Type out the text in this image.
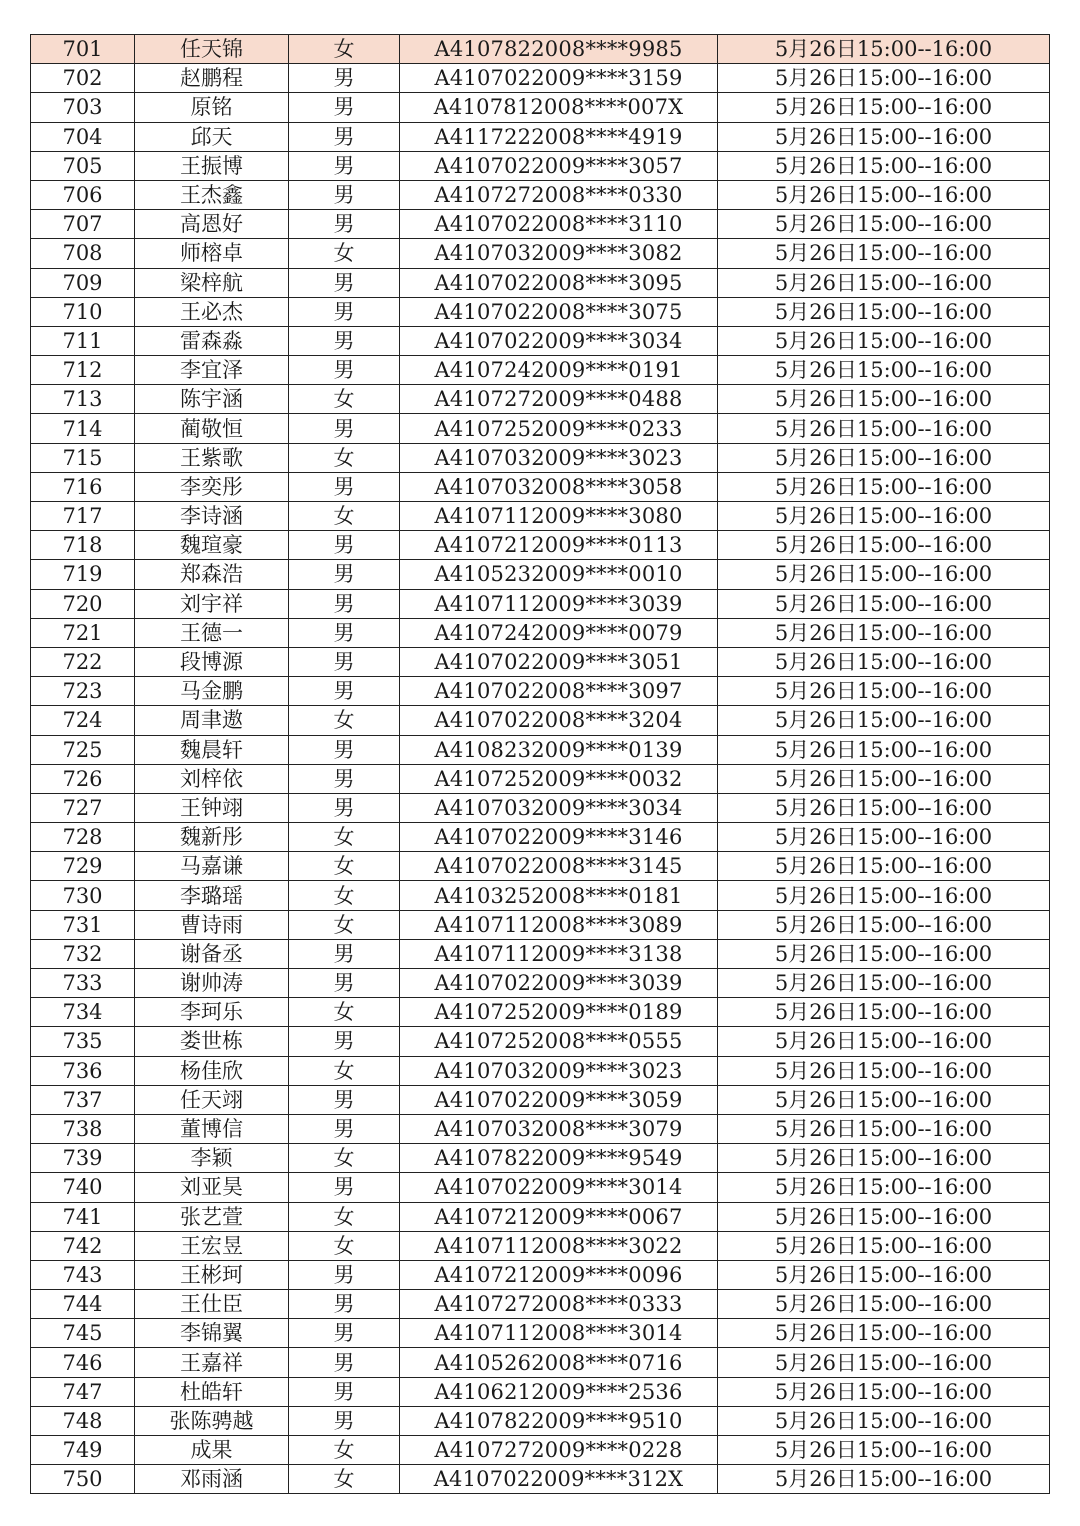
701	任天锦	女	A4107822008****9985	5月26日15:00--16:00
702	赵鹏程	男	A4107022009****3159	5月26日15:00--16:00
703	原铭	男	A4107812008****007X	5月26日15:00--16:00
704	邱天	男	A4117222008****4919	5月26日15:00--16:00
705	王振博	男	A4107022009****3057	5月26日15:00--16:00
706	王杰鑫	男	A4107272008****0330	5月26日15:00--16:00
707	高恩好	男	A4107022008****3110	5月26日15:00--16:00
708	师榕卓	女	A4107032009****3082	5月26日15:00--16:00
709	梁梓航	男	A4107022008****3095	5月26日15:00--16:00
710	王必杰	男	A4107022008****3075	5月26日15:00--16:00
711	雷森淼	男	A4107022009****3034	5月26日15:00--16:00
712	李宜泽	男	A4107242009****0191	5月26日15:00--16:00
713	陈宇涵	女	A4107272009****0488	5月26日15:00--16:00
714	蔺敬恒	男	A4107252009****0233	5月26日15:00--16:00
715	王紫歌	女	A4107032009****3023	5月26日15:00--16:00
716	李奕彤	男	A4107032008****3058	5月26日15:00--16:00
717	李诗涵	女	A4107112009****3080	5月26日15:00--16:00
718	魏瑄豪	男	A4107212009****0113	5月26日15:00--16:00
719	郑森浩	男	A4105232009****0010	5月26日15:00--16:00
720	刘宇祥	男	A4107112009****3039	5月26日15:00--16:00
721	王德一	男	A4107242009****0079	5月26日15:00--16:00
722	段博源	男	A4107022009****3051	5月26日15:00--16:00
723	马金鹏	男	A4107022008****3097	5月26日15:00--16:00
724	周聿遨	女	A4107022008****3204	5月26日15:00--16:00
725	魏晨轩	男	A4108232009****0139	5月26日15:00--16:00
726	刘梓依	男	A4107252009****0032	5月26日15:00--16:00
727	王钟翊	男	A4107032009****3034	5月26日15:00--16:00
728	魏新彤	女	A4107022009****3146	5月26日15:00--16:00
729	马嘉谦	女	A4107022008****3145	5月26日15:00--16:00
730	李璐瑶	女	A4103252008****0181	5月26日15:00--16:00
731	曹诗雨	女	A4107112008****3089	5月26日15:00--16:00
732	谢备丞	男	A4107112009****3138	5月26日15:00--16:00
733	谢帅涛	男	A4107022009****3039	5月26日15:00--16:00
734	李珂乐	女	A4107252009****0189	5月26日15:00--16:00
735	娄世栋	男	A4107252008****0555	5月26日15:00--16:00
736	杨佳欣	女	A4107032009****3023	5月26日15:00--16:00
737	任天翊	男	A4107022009****3059	5月26日15:00--16:00
738	董博信	男	A4107032008****3079	5月26日15:00--16:00
739	李颖	女	A4107822009****9549	5月26日15:00--16:00
740	刘亚昊	男	A4107022009****3014	5月26日15:00--16:00
741	张艺萱	女	A4107212009****0067	5月26日15:00--16:00
742	王宏昱	女	A4107112008****3022	5月26日15:00--16:00
743	王彬珂	男	A4107212009****0096	5月26日15:00--16:00
744	王仕臣	男	A4107272008****0333	5月26日15:00--16:00
745	李锦翼	男	A4107112008****3014	5月26日15:00--16:00
746	王嘉祥	男	A4105262008****0716	5月26日15:00--16:00
747	杜皓轩	男	A4106212009****2536	5月26日15:00--16:00
748	张陈骋越	男	A4107822009****9510	5月26日15:00--16:00
749	成果	女	A4107272009****0228	5月26日15:00--16:00
750	邓雨涵	女	A4107022009****312X	5月26日15:00--16:00
